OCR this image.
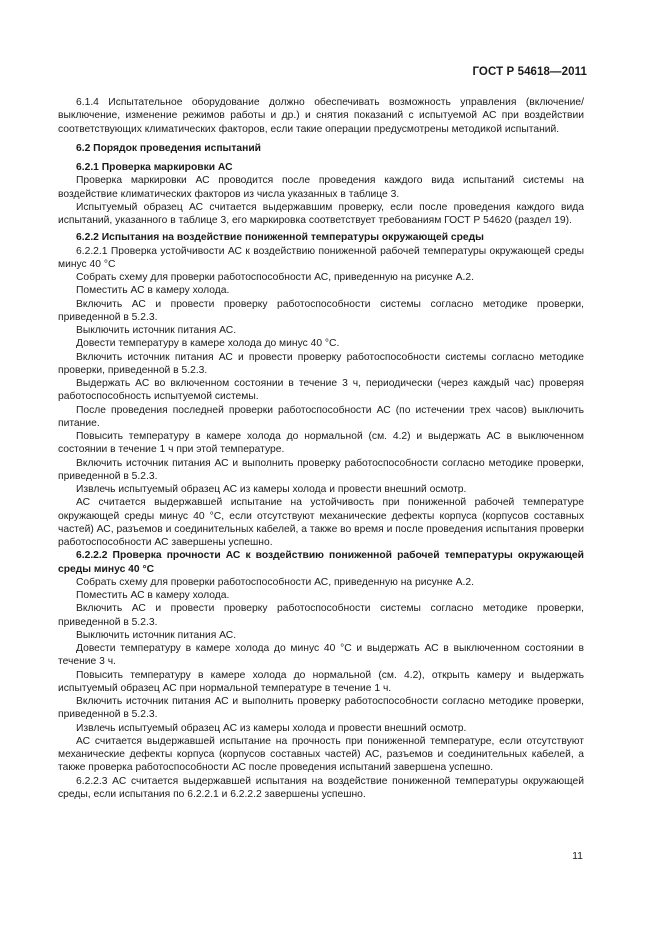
ГОСТ Р 54618—2011

6.1.4 Испытательное оборудование должно обеспечивать возможность управления (включение/выключение, изменение режимов работы и др.) и снятия показаний с испытуемой АС при воздействии соответствующих климатических факторов, если такие операции предусмотрены методикой испытаний.

6.2 Порядок проведения испытаний

6.2.1 Проверка маркировки АС

Проверка маркировки АС проводится после проведения каждого вида испытаний системы на воздействие климатических факторов из числа указанных в таблице 3.

Испытуемый образец АС считается выдержавшим проверку, если после проведения каждого вида испытаний, указанного в таблице 3, его маркировка соответствует требованиям ГОСТ Р 54620 (раздел 19).

6.2.2 Испытания на воздействие пониженной температуры окружающей среды

6.2.2.1 Проверка устойчивости АС к воздействию пониженной рабочей температуры окружающей среды минус 40 °С

Собрать схему для проверки работоспособности АС, приведенную на рисунке А.2.

Поместить АС в камеру холода.

Включить АС и провести проверку работоспособности системы согласно методике проверки, приведенной в 5.2.3.

Выключить источник питания АС.

Довести температуру в камере холода до минус 40 °С.

Включить источник питания АС и провести проверку работоспособности системы согласно методике проверки, приведенной в 5.2.3.

Выдержать АС во включенном состоянии в течение 3 ч, периодически (через каждый час) проверяя работоспособность испытуемой системы.

После проведения последней проверки работоспособности АС (по истечении трех часов) выключить питание.

Повысить температуру в камере холода до нормальной (см. 4.2) и выдержать АС в выключенном состоянии в течение 1 ч при этой температуре.

Включить источник питания АС и выполнить проверку работоспособности согласно методике проверки, приведенной в 5.2.3.

Извлечь испытуемый образец АС из камеры холода и провести внешний осмотр.

АС считается выдержавшей испытание на устойчивость при пониженной рабочей температуре окружающей среды минус 40 °С, если отсутствуют механические дефекты корпуса (корпусов составных частей) АС, разъемов и соединительных кабелей, а также во время и после проведения испытания проверки работоспособности АС завершены успешно.

6.2.2.2 Проверка прочности АС к воздействию пониженной рабочей температуры окружающей среды минус 40 °С

Собрать схему для проверки работоспособности АС, приведенную на рисунке А.2.

Поместить АС в камеру холода.

Включить АС и провести проверку работоспособности системы согласно методике проверки, приведенной в 5.2.3.

Выключить источник питания АС.

Довести температуру в камере холода до минус 40 °С и выдержать АС в выключенном состоянии в течение 3 ч.

Повысить температуру в камере холода до нормальной (см. 4.2), открыть камеру и выдержать испытуемый образец АС при нормальной температуре в течение 1 ч.

Включить источник питания АС и выполнить проверку работоспособности согласно методике проверки, приведенной в 5.2.3.

Извлечь испытуемый образец АС из камеры холода и провести внешний осмотр.

АС считается выдержавшей испытание на прочность при пониженной температуре, если отсутствуют механические дефекты корпуса (корпусов составных частей) АС, разъемов и соединительных кабелей, а также проверка работоспособности АС после проведения испытаний завершена успешно.

6.2.2.3 АС считается выдержавшей испытания на воздействие пониженной температуры окружающей среды, если испытания по 6.2.2.1 и 6.2.2.2 завершены успешно.

11
